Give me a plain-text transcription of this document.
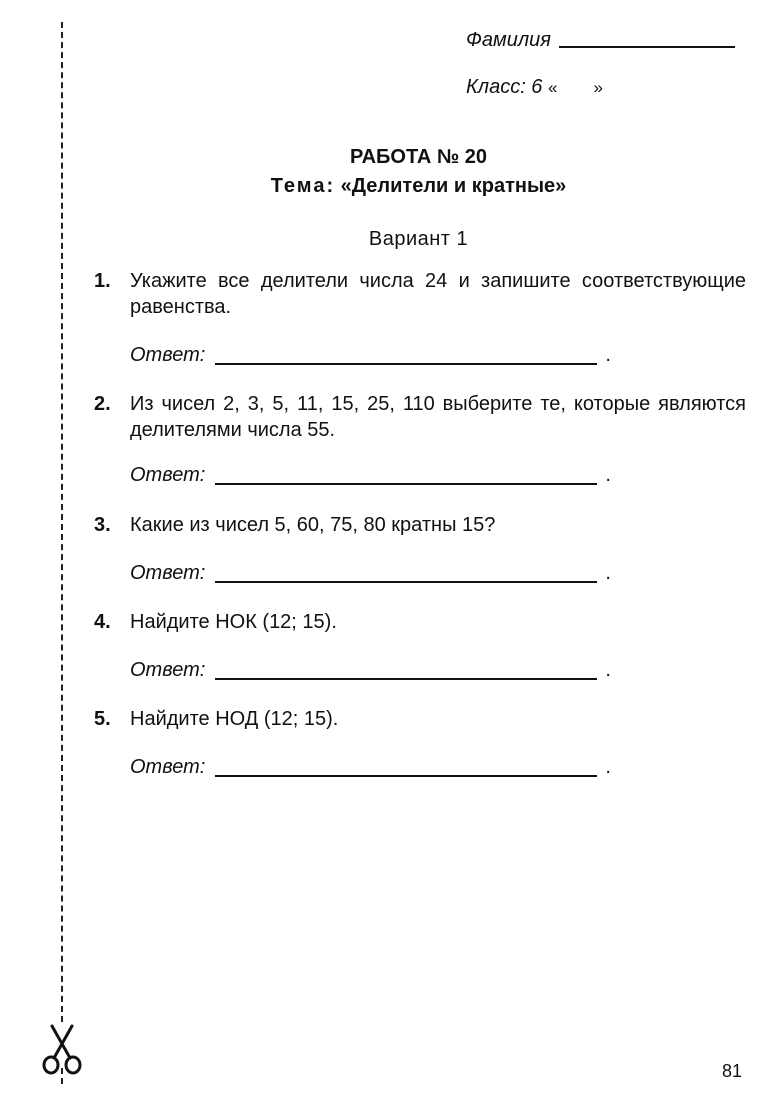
Фамилия
Класс: 6 « »
РАБОТА № 20
Тема: «Делители и кратные»
Вариант 1
1. Укажите все делители числа 24 и запишите соответствующие равенства.
Ответ:	.
2. Из чисел 2, 3, 5, 11, 15, 25, 110 выберите те, которые являются делителями числа 55.
Ответ:	.
3. Какие из чисел 5, 60, 75, 80 кратны 15?
Ответ:	.
4. Найдите НОК (12; 15).
Ответ:	.
5. Найдите НОД (12; 15).
Ответ:	.
81
